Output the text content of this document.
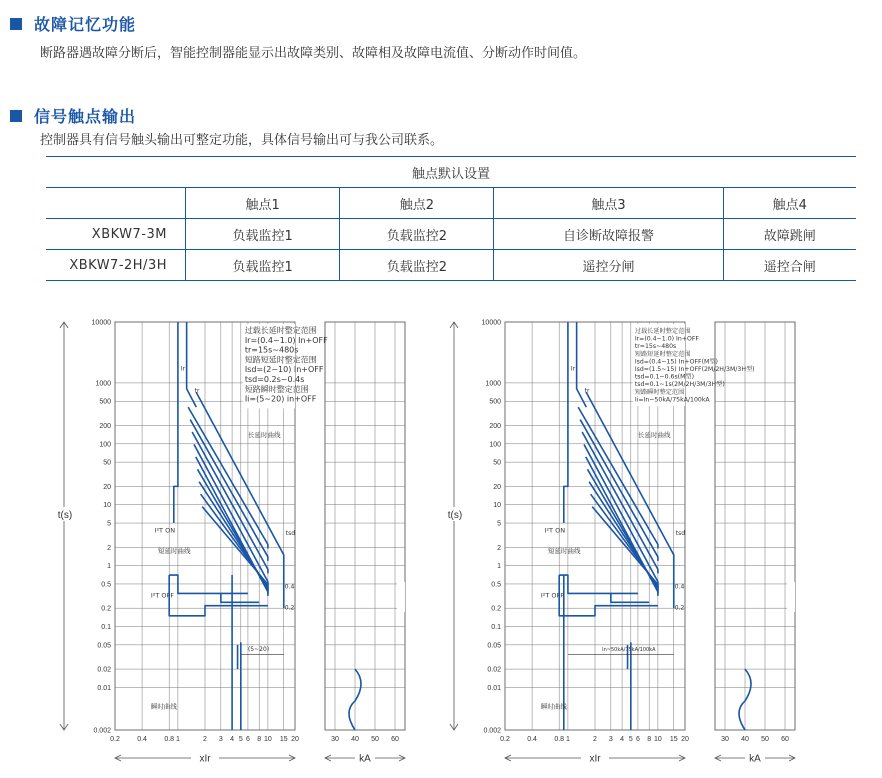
故障记忆功能
断路器遇故障分断后，智能控制器能显示出故障类别、故障相及故障电流值、分断动作时间值。
信号触点输出
控制器具有信号触头输出可整定功能，具体信号输出可与我公司联系。
触点默认设置				
	触点1	触点2	触点3	触点4
XBKW7-3M	负载监控1	负载监控2	自诊断故障报警	故障跳闸
XBKW7-2H/3H	负载监控1	负载监控2	遥控分闸	遥控合闸
10000
1000
500
200
100
50
20
10
5
2
1
0.5
0.2
0.1
0.05
0.02
0.01
0.002
0.2 0.4 0.8 1	2 3 4 5 6 8 10 15 20	30 40 50 60
t(s)
xIr	kA
过载长延时整定范围
Ir=(0.4~1.0) In+OFF
tr=15s~480s
短路短延时整定范围
Isd=(2~10) In+OFF
tsd=0.2s~0.4s
短路瞬时整定范围
Ii=(5~20) in+OFF
Ir
tr
长延时曲线
I²T ON
短延时曲线
I²T OFF
瞬时曲线
tsd
0.4
0.2
(5~20)
10000
1000
500
200
100
50
20
10
5
2
1
0.5
0.2
0.1
0.05
0.02
0.01
0.002
0.2 0.4 0.8 1	2 3 4 5 6 8 10 15 20	30 40 50 60
t(s)
xIr	kA
过载长延时整定范围
Ir=(0.4~1.0) In+OFF
tr=15s~480s
短路短延时整定范围
Isd=(0.4~15) In+OFF(M型)
Isd=(1.5~15) In+OFF(2M/2H/3M/3H型)
tsd=0.1~0.6s(M型)
tsd=0.1~1s(2M/2H/3M/3H型)
短路瞬时整定范围
Ii=In~50kA/75kA/100kA
Ir
tr
长延时曲线
I²T ON
短延时曲线
I²T OFF
瞬时曲线
tsd
0.4
0.2
In~50kA/75kA/100kA
